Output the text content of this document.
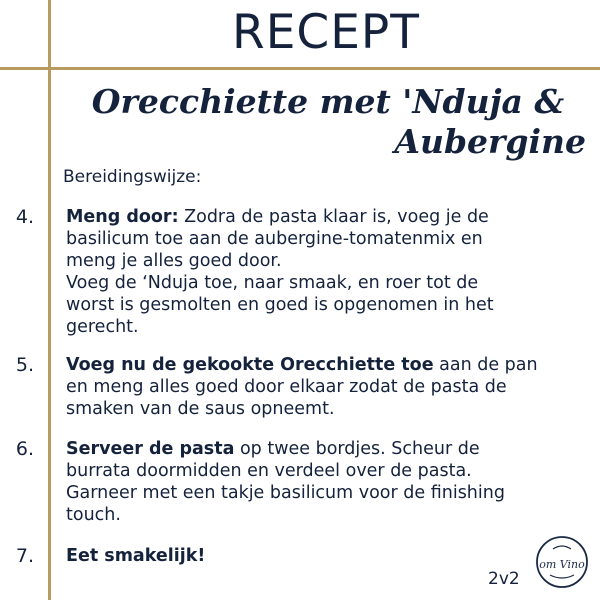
RECEPT
Orecchiette met 'Nduja &
Aubergine
Bereidingswijze:
4. Meng door: Zodra de pasta klaar is, voeg je de
basilicum toe aan de aubergine-tomatenmix en
meng je alles goed door.
Voeg de ‘Nduja toe, naar smaak, en roer tot de
worst is gesmolten en goed is opgenomen in het
gerecht.
5. Voeg nu de gekookte Orecchiette toe aan de pan
en meng alles goed door elkaar zodat de pasta de
smaken van de saus opneemt.
6. Serveer de pasta op twee bordjes. Scheur de
burrata doormidden en verdeel over de pasta.
Garneer met een takje basilicum voor de finishing
touch.
7. Eet smakelijk!
2v2
om Vino
